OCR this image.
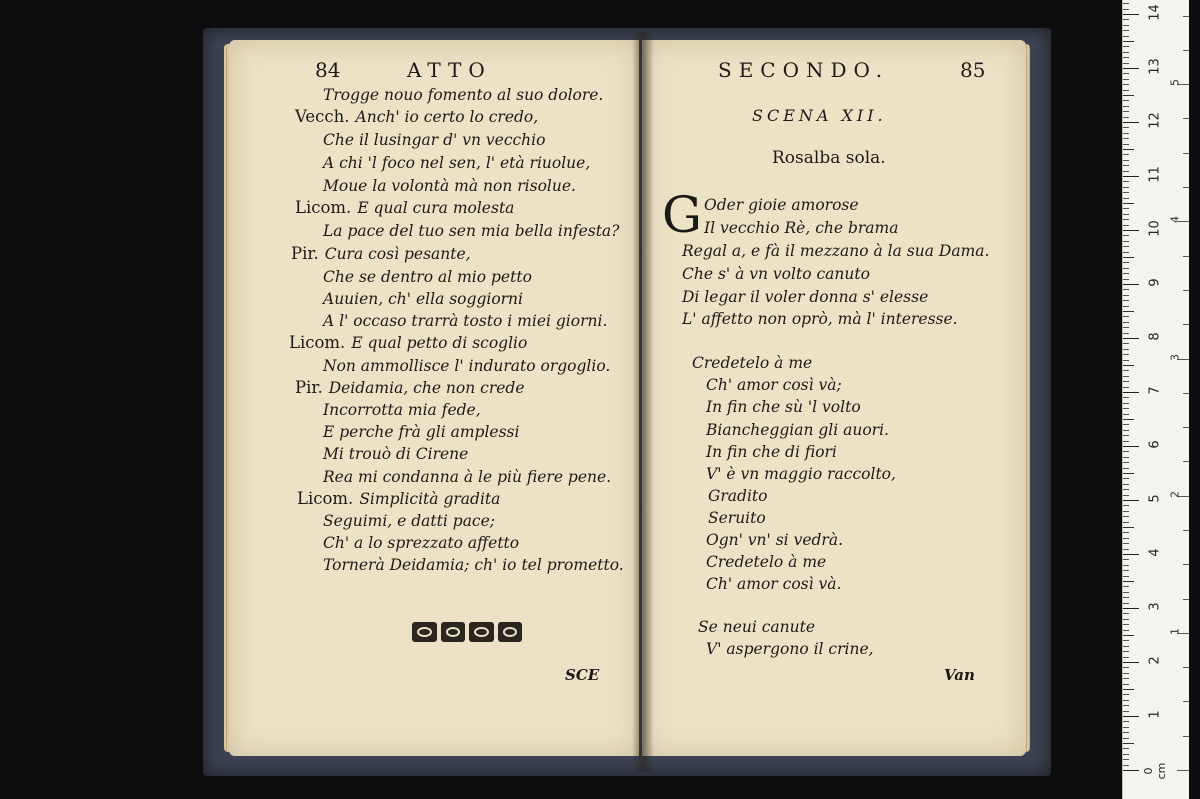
84	ATTO
Trogge nouo fomento al suo dolore.
Vecch. Anch' io certo lo credo,
Che il lusingar d' vn vecchio
A chi 'l foco nel sen, l' età riuolue,
Moue la volontà mà non risolue.
Licom. E qual cura molesta
La pace del tuo sen mia bella infesta?
Pir. Cura così pesante,
Che se dentro al mio petto
Auuien, ch' ella soggiorni
A l' occaso trarrà tosto i miei giorni.
Licom. E qual petto di scoglio
Non ammollisce l' indurato orgoglio.
Pir. Deidamia, che non crede
Incorrotta mia fede,
E perche frà gli amplessi
Mi trouò di Cirene
Rea mi condanna à le più fiere pene.
Licom. Simplicità gradita
Seguimi, e datti pace;
Ch' a lo sprezzato affetto
Tornerà Deidamia; ch' io tel prometto.
SCE
SECONDO.	85
SCENA XII.
Rosalba sola.
G Oder gioie amorose
Il vecchio Rè, che brama
Regal a, e fà il mezzano à la sua Dama.
Che s' à vn volto canuto
Di legar il voler donna s' elesse
L' affetto non oprò, mà l' interesse.
Credetelo à me
Ch' amor così và;
In fin che sù 'l volto
Biancheggian gli auori.
In fin che di fiori
V' è vn maggio raccolto,
Gradito
Seruito
Ogn' vn' si vedrà.
Credetelo à me
Ch' amor così và.
Se neui canute
V' aspergono il crine,
Van
0 cm
1
2
3
4
5
6
7
8
9
10
11
12
13
14
1
2
3
4
5
